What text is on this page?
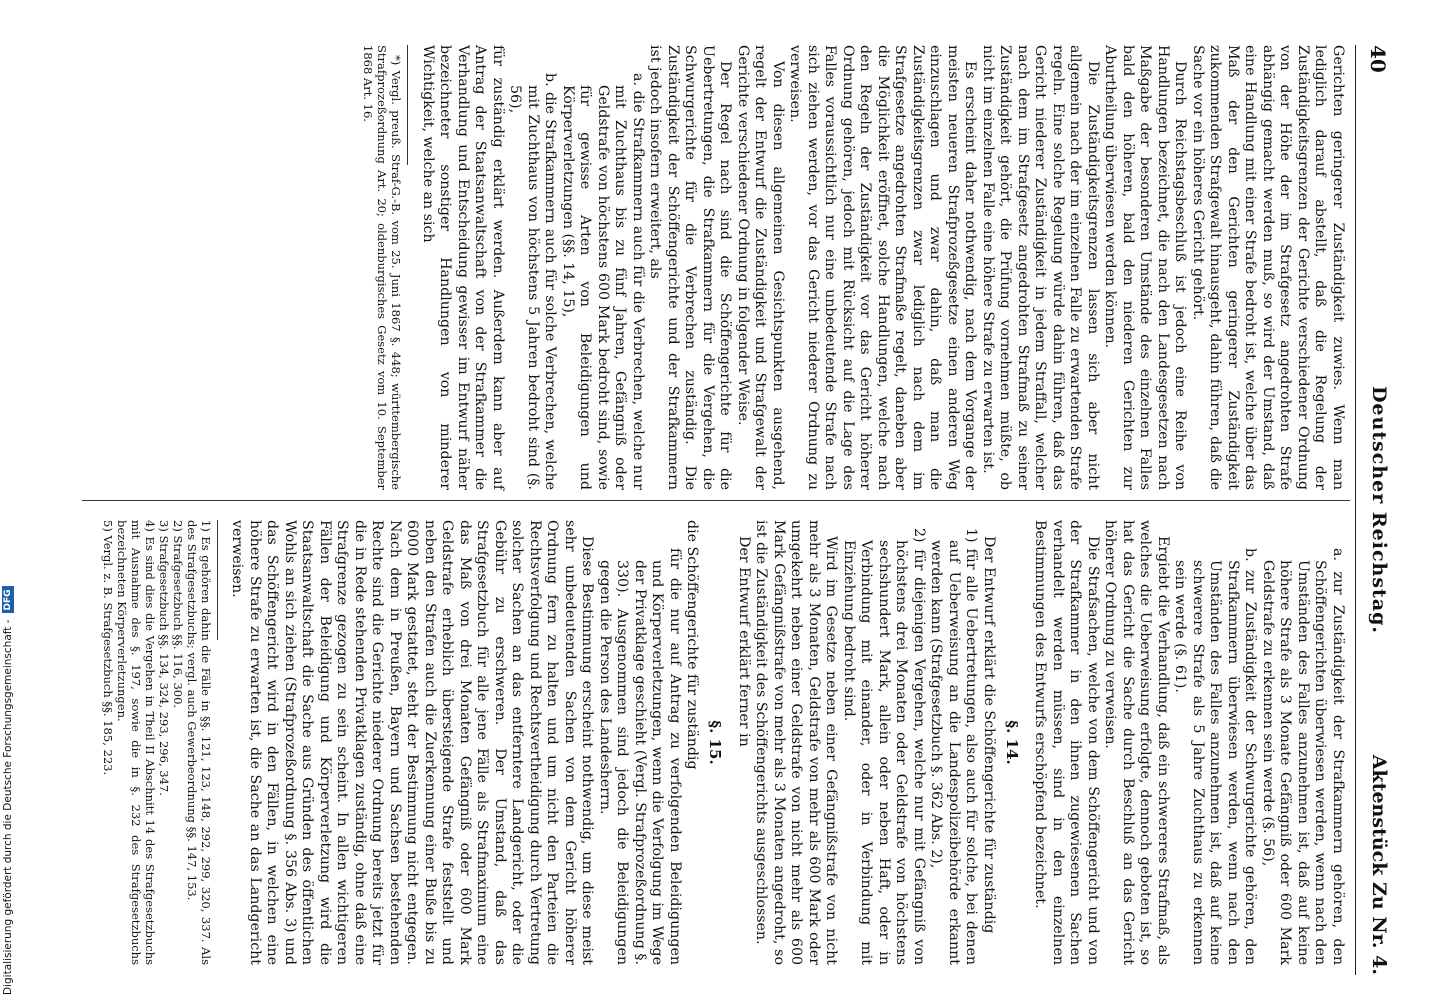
40
Deutscher Reichstag.
Aktenstück Zu Nr. 4.

Gerichten geringerer Zuständigkeit zuwies. Wenn man lediglich darauf abstellt, daß die Regelung der Zuständigkeitsgrenzen der Gerichte verschiedener Ordnung von der Höhe der im Strafgesetz angedrohten Strafe abhängig gemacht werden muß, so wird der Umstand, daß eine Handlung mit einer Strafe bedroht ist, welche über das Maß der den Gerichten geringerer Zuständigkeit zukommenden Strafgewalt hinausgeht, dahin führen, daß die Sache vor ein höheres Gericht gehört.

Durch Reichstagsbeschluß ist jedoch eine Reihe von Handlungen bezeichnet, die nach den Landesgesetzen nach Maßgabe der besonderen Umstände des einzelnen Falles bald den höheren, bald den niederen Gerichten zur Aburtheilung überwiesen werden können.

Die Zuständigkeitsgrenzen lassen sich aber nicht allgemein nach der im einzelnen Falle zu erwartenden Strafe regeln. Eine solche Regelung würde dahin führen, daß das Gericht niederer Zuständigkeit in jedem Straffall, welcher nach dem im Strafgesetz angedrohten Strafmaß zu seiner Zuständigkeit gehört, die Prüfung vornehmen müßte, ob nicht im einzelnen Falle eine höhere Strafe zu erwarten ist.

Es erscheint daher nothwendig, nach dem Vorgange der meisten neueren Strafprozeßgesetze einen anderen Weg einzuschlagen und zwar dahin, daß man die Zuständigkeitsgrenzen zwar lediglich nach dem im Strafgesetze angedrohten Strafmaße regelt, daneben aber die Möglichkeit eröffnet, solche Handlungen, welche nach den Regeln der Zuständigkeit vor das Gericht höherer Ordnung gehören, jedoch mit Rücksicht auf die Lage des Falles voraussichtlich nur eine unbedeutende Strafe nach sich ziehen werden, vor das Gericht niederer Ordnung zu verweisen.

Von diesen allgemeinen Gesichtspunkten ausgehend, regelt der Entwurf die Zuständigkeit und Strafgewalt der Gerichte verschiedener Ordnung in folgender Weise.

Der Regel nach sind die Schöffengerichte für die Uebertretungen, die Strafkammern für die Vergehen, die Schwurgerichte für die Verbrechen zuständig. Die Zuständigkeit der Schöffengerichte und der Strafkammern ist jedoch insofern erweitert, als

a. die Strafkammern auch für die Verbrechen, welche nur mit Zuchthaus bis zu fünf Jahren, Gefängniß oder Geldstrafe von höchstens 600 Mark bedroht sind, sowie für gewisse Arten von Beleidigungen und Körperverletzungen (§§. 14, 15),

b. die Strafkammern auch für solche Verbrechen, welche mit Zuchthaus von höchstens 5 Jahren bedroht sind (§. 56),

für zuständig erklärt werden. Außerdem kann aber auf Antrag der Staatsanwaltschaft von der Strafkammer die Verhandlung und Entscheidung gewisser im Entwurf näher bezeichneter sonstiger Handlungen von minderer Wichtigkeit, welche an sich

*) Vergl. preuß. Straf-G.-B. vom 25. Juni 1867 §. 448; württembergische Strafprozeßordnung Art. 20; oldenburgisches Gesetz vom 10. September 1868 Art. 16.

a. zur Zuständigkeit der Strafkammern gehören, den Schöffengerichten überwiesen werden, wenn nach den Umständen des Falles anzunehmen ist, daß auf keine höhere Strafe als 3 Monate Gefängniß oder 600 Mark Geldstrafe zu erkennen sein werde (§. 56),

b. zur Zuständigkeit der Schwurgerichte gehören, den Strafkammern überwiesen werden, wenn nach den Umständen des Falles anzunehmen ist, daß auf keine schwerere Strafe als 5 Jahre Zuchthaus zu erkennen sein werde (§. 61).

Ergiebt die Verhandlung, daß ein schwereres Strafmaß, als welches die Ueberweisung erfolgte, dennoch geboten ist, so hat das Gericht die Sache durch Beschluß an das Gericht höherer Ordnung zu verweisen.

Die Strafsachen, welche von dem Schöffengericht und von der Strafkammer in den ihnen zugewiesenen Sachen verhandelt werden müssen, sind in den einzelnen Bestimmungen des Entwurfs erschöpfend bezeichnet.

§. 14.

Der Entwurf erklärt die Schöffengerichte für zuständig

1) für alle Uebertretungen, also auch für solche, bei denen auf Ueberweisung an die Landespolizeibehörde erkannt werden kann (Strafgesetzbuch §. 362 Abs. 2),

2) für diejenigen Vergehen, welche nur mit Gefängniß von höchstens drei Monaten oder Geldstrafe von höchstens sechshundert Mark, allein oder neben Haft, oder in Verbindung mit einander, oder in Verbindung mit Einziehung bedroht sind.

Wird im Gesetze neben einer Gefängnißstrafe von nicht mehr als 3 Monaten, Geldstrafe von mehr als 600 Mark oder umgekehrt neben einer Geldstrafe von nicht mehr als 600 Mark Gefängnißstrafe von mehr als 3 Monaten angedroht, so ist die Zuständigkeit des Schöffengerichts ausgeschlossen.

Der Entwurf erklärt ferner in

§. 15.

die Schöffengerichte für zuständig

für die nur auf Antrag zu verfolgenden Beleidigungen und Körperverletzungen, wenn die Verfolgung im Wege der Privatklage geschieht (Vergl. Strafprozeßordnung §. 330). Ausgenommen sind jedoch die Beleidigungen gegen die Person des Landesherrn.

Diese Bestimmung erscheint nothwendig, um diese meist sehr unbedeutenden Sachen von dem Gericht höherer Ordnung fern zu halten und um nicht den Parteien die Rechtsverfolgung und Rechtsvertheidigung durch Vertretung solcher Sachen an das entferntere Landgericht, oder die Gebühr zu erschweren. Der Umstand, daß das Strafgesetzbuch für alle jene Fälle als Strafmaximum eine das Maß von drei Monaten Gefängniß oder 600 Mark Geldstrafe erheblich übersteigende Strafe feststellt und neben den Strafen auch die Zuerkennung einer Buße bis zu 6000 Mark gestattet, steht der Bestimmung nicht entgegen. Nach dem in Preußen, Bayern und Sachsen bestehenden Rechte sind die Gerichte niederer Ordnung bereits jetzt für die in Rede stehenden Privatklagen zuständig, ohne daß eine Strafgrenze gezogen zu sein scheint. In allen wichtigeren Fällen der Beleidigung und Körperverletzung wird die Staatsanwaltschaft die Sache aus Gründen des öffentlichen Wohls an sich ziehen (Strafprozeßordnung §. 356 Abs. 3) und das Schöffengericht wird in den Fällen, in welchen eine höhere Strafe zu erwarten ist, die Sache an das Landgericht verweisen.

1) Es gehören dahin die Fälle in §§. 121, 123, 148, 292, 299, 320, 337. Als des Strafgesetzbuchs; vergl. auch Gewerbeordnung §§. 147, 153.

2) Strafgesetzbuch §§. 116, 300.

3) Strafgesetzbuch §§. 134, 324, 293, 296, 347.

4) Es sind dies die Vergehen in Theil II Abschnitt 14 des Strafgesetzbuchs mit Ausnahme des §. 197, sowie die in §. 232 des Strafgesetzbuchs bezeichneten Körperverletzungen.

5) Vergl. z. B. Strafgesetzbuch §§. 185, 223.

Digitalisierung gefördert durch die Deutsche Forschungsgemeinschaft -
DFG
